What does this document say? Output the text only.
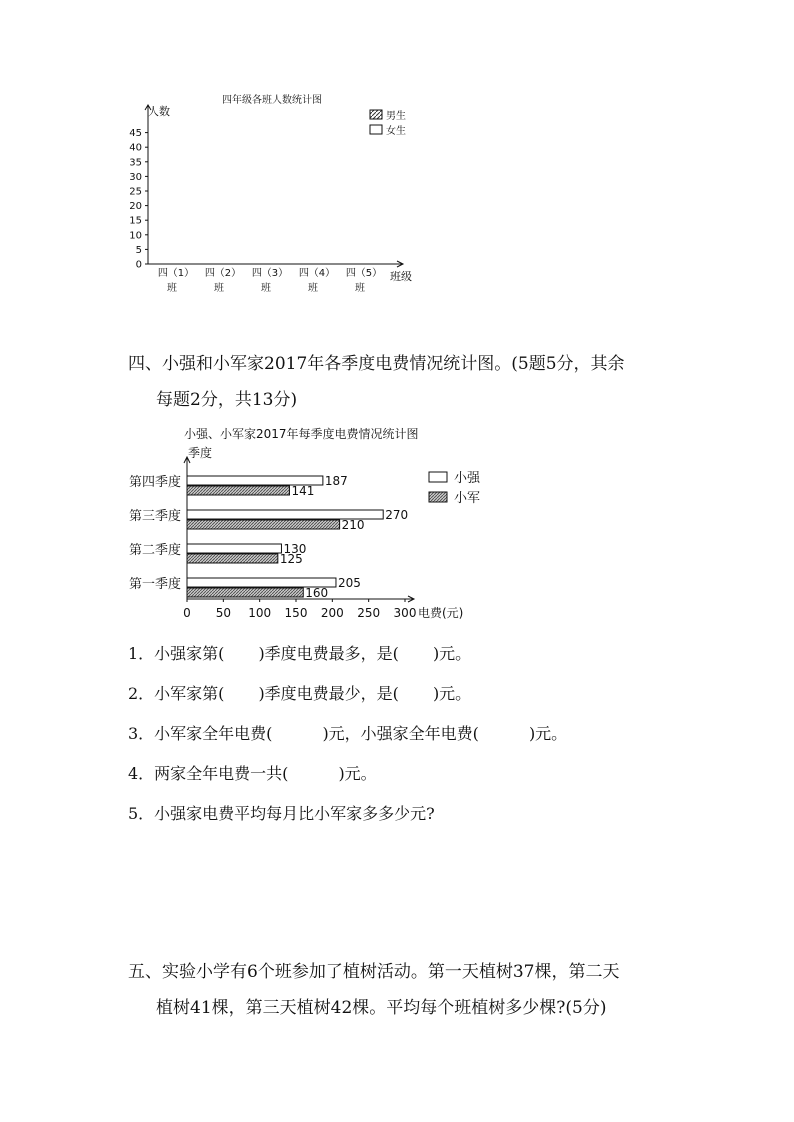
四年级各班人数统计图
人数
0
5
10
15
20
25
30
35
40
45
四（1）
班
四（2）
班
四（3）
班
四（4）
班
四（5）
班
班级
男生
女生
四、小强和小军家2017年各季度电费情况统计图。(5题5分，其余
每题2分，共13分)
小强、小军家2017年每季度电费情况统计图
季度
0 50 100 150 200 250 300
第一季度
第二季度
第三季度
第四季度
205
160
130
125
270
210
187
141
电费(元)
小强
小军
1．小强家第( )季度电费最多，是( )元。
2．小军家第( )季度电费最少，是( )元。
3．小军家全年电费(	)元，小强家全年电费(	)元。
4．两家全年电费一共(	)元。
5．小强家电费平均每月比小军家多多少元?
五、实验小学有6个班参加了植树活动。第一天植树37棵，第二天
植树41棵，第三天植树42棵。平均每个班植树多少棵?(5分)
